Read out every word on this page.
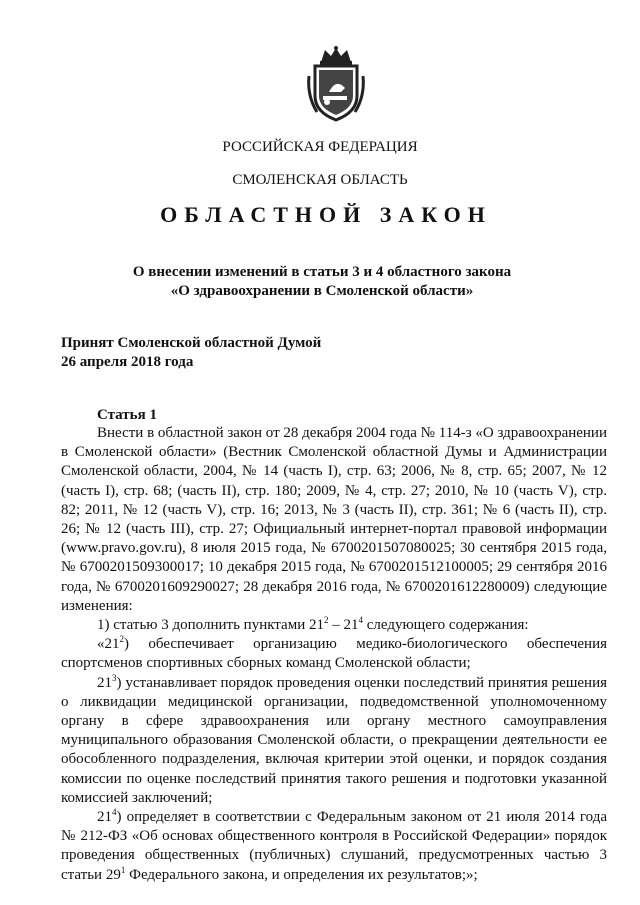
РОССИЙСКАЯ ФЕДЕРАЦИЯ
СМОЛЕНСКАЯ ОБЛАСТЬ
ОБЛАСТНОЙ ЗАКОН
О внесении изменений в статьи 3 и 4 областного закона
«О здравоохранении в Смоленской области»
Принят Смоленской областной Думой
26 апреля 2018 года
Статья 1

Внести в областной закон от 28 декабря 2004 года № 114-з «О здравоохранении в Смоленской области» (Вестник Смоленской областной Думы и Администрации Смоленской области, 2004, № 14 (часть I), стр. 63; 2006, № 8, стр. 65; 2007, № 12 (часть I), стр. 68; (часть II), стр. 180; 2009, № 4, стр. 27; 2010, № 10 (часть V), стр. 82; 2011, № 12 (часть V), стр. 16; 2013, № 3 (часть II), стр. 361; № 6 (часть II), стр. 26; № 12 (часть III), стр. 27; Официальный интернет-портал правовой информации (www.pravo.gov.ru), 8 июля 2015 года, № 6700201507080025; 30 сентября 2015 года, № 6700201509300017; 10 декабря 2015 года, № 6700201512100005; 29 сентября 2016 года, № 6700201609290027; 28 декабря 2016 года, № 6700201612280009) следующие изменения:

1) статью 3 дополнить пунктами $21^2 - 21^4$ следующего содержания:

«$21^2$) обеспечивает организацию медико-биологического обеспечения спортсменов спортивных сборных команд Смоленской области;

$21^3$) устанавливает порядок проведения оценки последствий принятия решения о ликвидации медицинской организации, подведомственной уполномоченному органу в сфере здравоохранения или органу местного самоуправления муниципального образования Смоленской области, о прекращении деятельности ее обособленного подразделения, включая критерии этой оценки, и порядок создания комиссии по оценке последствий принятия такого решения и подготовки указанной комиссией заключений;

$21^4$) определяет в соответствии с Федеральным законом от 21 июля 2014 года № 212-ФЗ «Об основах общественного контроля в Российской Федерации» порядок проведения общественных (публичных) слушаний, предусмотренных частью 3 статьи $29^1$ Федерального закона, и определения их результатов;»;
